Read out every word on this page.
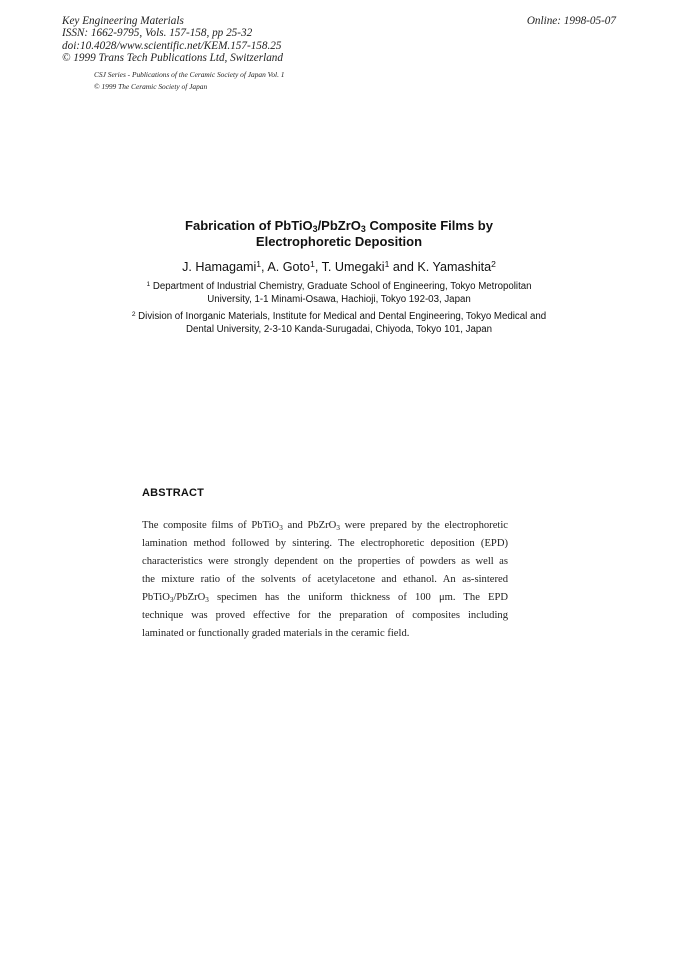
Key Engineering Materials
ISSN: 1662-9795, Vols. 157-158, pp 25-32
doi:10.4028/www.scientific.net/KEM.157-158.25
© 1999 Trans Tech Publications Ltd, Switzerland
Online: 1998-05-07
CSJ Series - Publications of the Ceramic Society of Japan Vol. 1
© 1999 The Ceramic Society of Japan
Fabrication of PbTiO$_3$/PbZrO$_3$ Composite Films by
Electrophoretic Deposition
J. Hamagami$^1$, A. Goto$^1$, T. Umegaki$^1$ and K. Yamashita$^2$
$^1$ Department of Industrial Chemistry, Graduate School of Engineering, Tokyo Metropolitan
University, 1-1 Minami-Osawa, Hachioji, Tokyo 192-03, Japan
$^2$ Division of Inorganic Materials, Institute for Medical and Dental Engineering, Tokyo Medical and
Dental University, 2-3-10 Kanda-Surugadai, Chiyoda, Tokyo 101, Japan
ABSTRACT
The composite films of PbTiO$_3$ and PbZrO$_3$ were prepared by the electrophoretic
lamination method followed by sintering. The electrophoretic deposition (EPD)
characteristics were strongly dependent on the properties of powders as well as
the mixture ratio of the solvents of acetylacetone and ethanol. An as-sintered
PbTiO$_3$/PbZrO$_3$ specimen has the uniform thickness of 100 μm. The EPD
technique was proved effective for the preparation of composites including
laminated or functionally graded materials in the ceramic field.
